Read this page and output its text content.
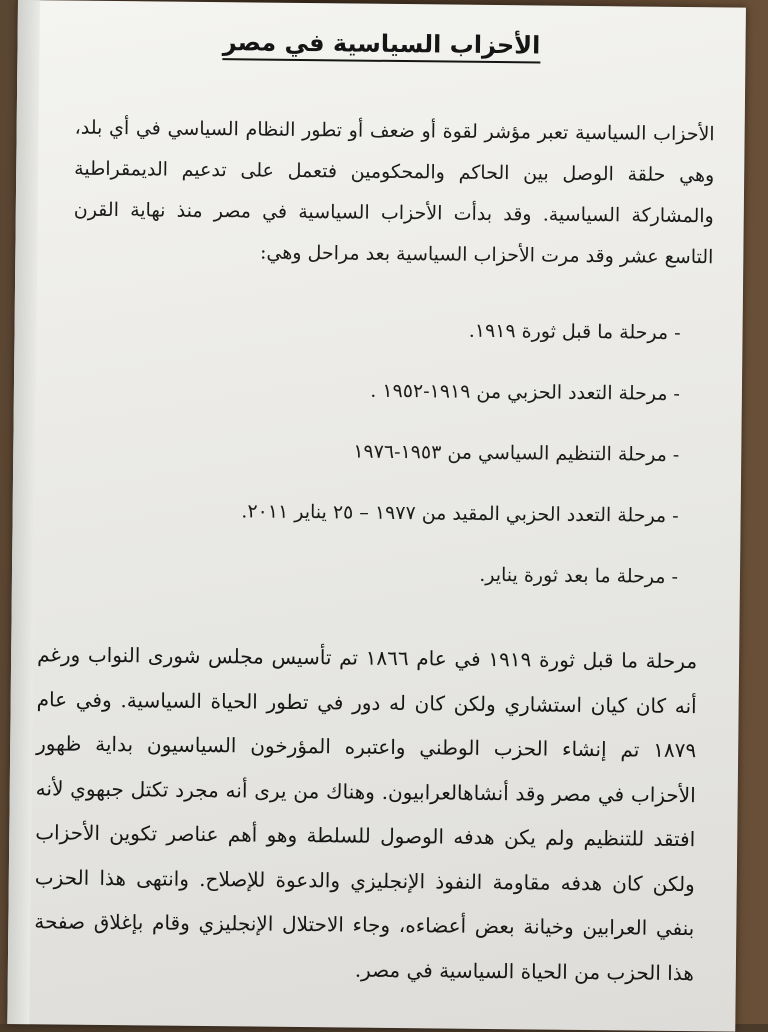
الأحزاب السياسية في مصر

الأحزاب السياسية تعبر مؤشر لقوة أو ضعف أو تطور النظام السياسي في أي بلد، وهي حلقة الوصل بين الحاكم والمحكومين فتعمل على تدعيم الديمقراطية والمشاركة السياسية. وقد بدأت الأحزاب السياسية في مصر منذ نهاية القرن التاسع عشر وقد مرت الأحزاب السياسية بعد مراحل وهي:

- مرحلة ما قبل ثورة ١٩١٩.
- مرحلة التعدد الحزبي من ١٩١٩-١٩٥٢ .
- مرحلة التنظيم السياسي من ١٩٥٣-١٩٧٦
- مرحلة التعدد الحزبي المقيد من ١٩٧٧ – ٢٥ يناير ٢٠١١.
- مرحلة ما بعد ثورة يناير.

مرحلة ما قبل ثورة ١٩١٩ في عام ١٨٦٦ تم تأسيس مجلس شورى النواب ورغم أنه كان كيان استشاري ولكن كان له دور في تطور الحياة السياسية. وفي عام ١٨٧٩ تم إنشاء الحزب الوطني واعتبره المؤرخون السياسيون بداية ظهور الأحزاب في مصر وقد أنشاهالعرابيون. وهناك من يرى أنه مجرد تكتل جبهوي لأنه افتقد للتنظيم ولم يكن هدفه الوصول للسلطة وهو أهم عناصر تكوين الأحزاب ولكن كان هدفه مقاومة النفوذ الإنجليزي والدعوة للإصلاح. وانتهى هذا الحزب بنفي العرابين وخيانة بعض أعضاءه، وجاء الاحتلال الإنجليزي وقام بإغلاق صفحة هذا الحزب من الحياة السياسية في مصر.
